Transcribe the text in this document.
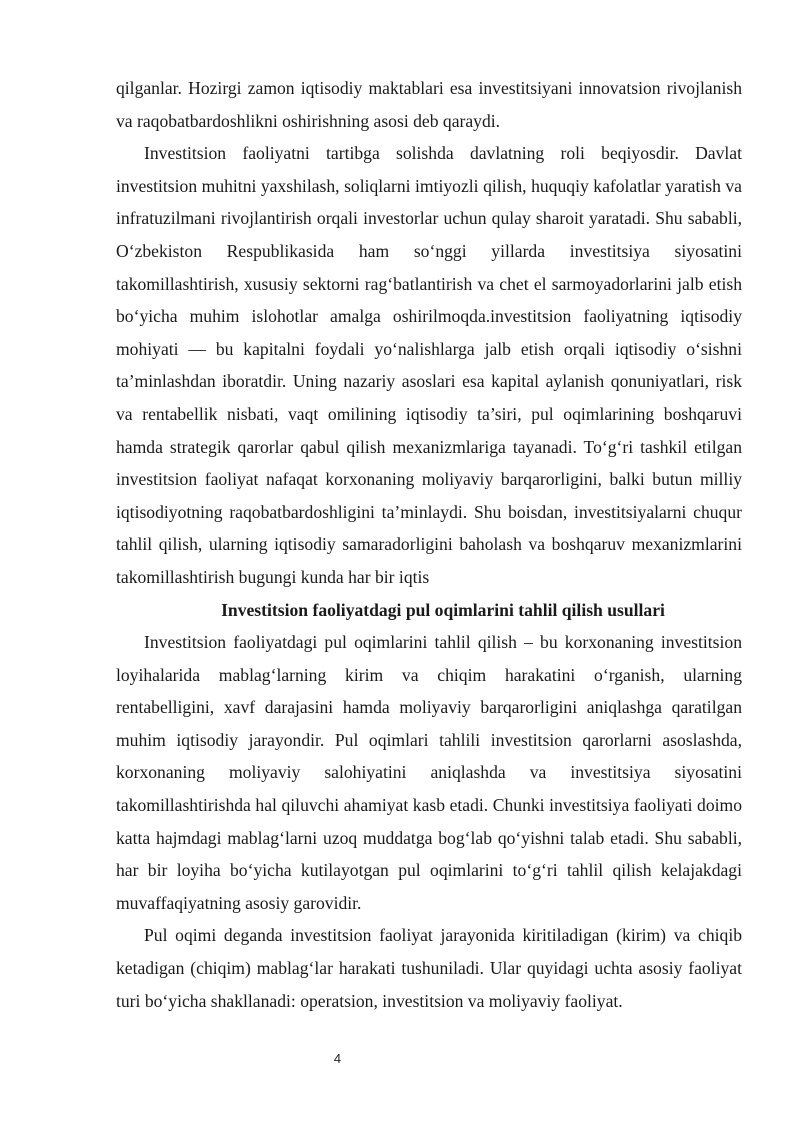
qilganlar. Hozirgi zamon iqtisodiy maktablari esa investitsiyani innovatsion rivojlanish va raqobatbardoshlikni oshirishning asosi deb qaraydi.

Investitsion faoliyatni tartibga solishda davlatning roli beqiyosdir. Davlat investitsion muhitni yaxshilash, soliqlarni imtiyozli qilish, huquqiy kafolatlar yaratish va infratuzilmani rivojlantirish orqali investorlar uchun qulay sharoit yaratadi. Shu sababli, O‘zbekiston Respublikasida ham so‘nggi yillarda investitsiya siyosatini takomillashtirish, xususiy sektorni rag‘batlantirish va chet el sarmoyadorlarini jalb etish bo‘yicha muhim islohotlar amalga oshirilmoqda.investitsion faoliyatning iqtisodiy mohiyati — bu kapitalni foydali yo‘nalishlarga jalb etish orqali iqtisodiy o‘sishni ta’minlashdan iboratdir. Uning nazariy asoslari esa kapital aylanish qonuniyatlari, risk va rentabellik nisbati, vaqt omilining iqtisodiy ta’siri, pul oqimlarining boshqaruvi hamda strategik qarorlar qabul qilish mexanizmlariga tayanadi. To‘g‘ri tashkil etilgan investitsion faoliyat nafaqat korxonaning moliyaviy barqarorligini, balki butun milliy iqtisodiyotning raqobatbardoshligini ta’minlaydi. Shu boisdan, investitsiyalarni chuqur tahlil qilish, ularning iqtisodiy samaradorligini baholash va boshqaruv mexanizmlarini takomillashtirish bugungi kunda har bir iqtis

Investitsion faoliyatdagi pul oqimlarini tahlil qilish usullari

Investitsion faoliyatdagi pul oqimlarini tahlil qilish – bu korxonaning investitsion loyihalarida mablag‘larning kirim va chiqim harakatini o‘rganish, ularning rentabelligini, xavf darajasini hamda moliyaviy barqarorligini aniqlashga qaratilgan muhim iqtisodiy jarayondir. Pul oqimlari tahlili investitsion qarorlarni asoslashda, korxonaning moliyaviy salohiyatini aniqlashda va investitsiya siyosatini takomillashtirishda hal qiluvchi ahamiyat kasb etadi. Chunki investitsiya faoliyati doimo katta hajmdagi mablag‘larni uzoq muddatga bog‘lab qo‘yishni talab etadi. Shu sababli, har bir loyiha bo‘yicha kutilayotgan pul oqimlarini to‘g‘ri tahlil qilish kelajakdagi muvaffaqiyatning asosiy garovidir.

Pul oqimi deganda investitsion faoliyat jarayonida kiritiladigan (kirim) va chiqib ketadigan (chiqim) mablag‘lar harakati tushuniladi. Ular quyidagi uchta asosiy faoliyat turi bo‘yicha shakllanadi: operatsion, investitsion va moliyaviy faoliyat.

4
